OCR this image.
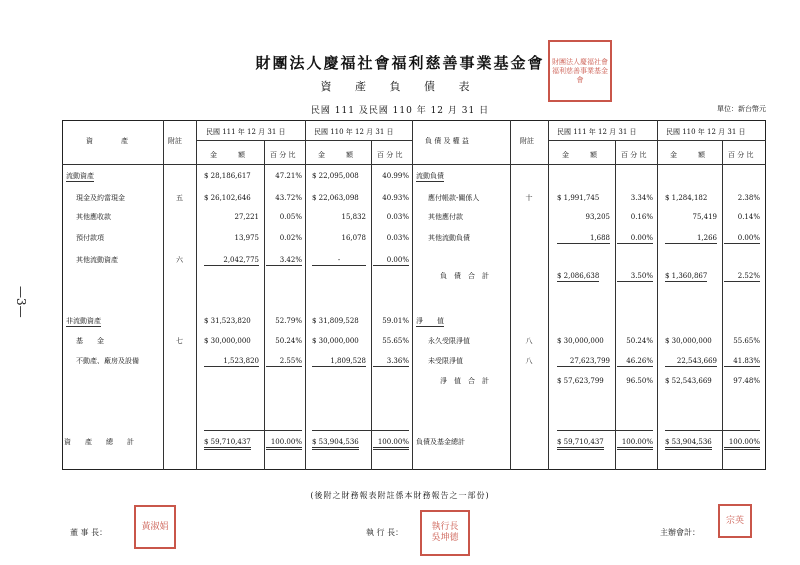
財團法人慶福社會福利慈善事業基金會
資 產 負 債 表
民國 111 及民國 110 年 12 月 31 日	單位：新台幣元
—3—
財團法人慶福社會福利慈善事業基金會
資　　　　產	附註
民國 111 年 12 月 31 日	民國 110 年 12 月 31 日
金　　　額	百 分 比	金　　　額	百 分 比
負 債 及 權 益	附註
民國 111 年 12 月 31 日	民國 110 年 12 月 31 日
金　　　額	百 分 比	金　　　額	百 分 比
流動資產	$ 28,186,617	47.21% $ 22,095,008	40.99%
現金及約當現金	五	$ 26,102,646	43.72% $ 22,063,098	40.93%
其他應收款	27,221	0.05%	15,832	0.03%
預付款項	13,975	0.02%	16,078	0.03%
其他流動資產	六	2,042,775	3.42%	-	0.00%
非流動資產	$ 31,523,820	52.79% $ 31,809,528	59.01%
基　　金	七	$ 30,000,000	50.24% $ 30,000,000	55.65%
不動產、廠房及設備	1,523,820	2.55%	1,809,528	3.36%
資　　產　　總　　計	$ 59,710,437	100.00% $ 53,904,536	100.00%
流動負債
應付帳款-關係人	十	$ 1,991,745	3.34% $ 1,284,182	2.38%
其他應付款	93,205	0.16%	75,419	0.14%
其他流動負債	1,688	0.00%	1,266	0.00%
負　債　合　計	$ 2,086,638	3.50% $ 1,360,867	2.52%
淨　　值
永久受限淨值	八	$ 30,000,000	50.24% $ 30,000,000	55.65%
未受限淨值	八	27,623,799	46.26%	22,543,669	41.83%
淨　值　合　計	$ 57,623,799	96.50% $ 52,543,669	97.48%
負債及基金總計	$ 59,710,437	100.00% $ 53,904,536	100.00%
(後附之財務報表附註係本財務報告之一部份)
董 事 長：
黃淑娟
執 行 長：
執行長
吳坤德
主辦會計：
宗英
